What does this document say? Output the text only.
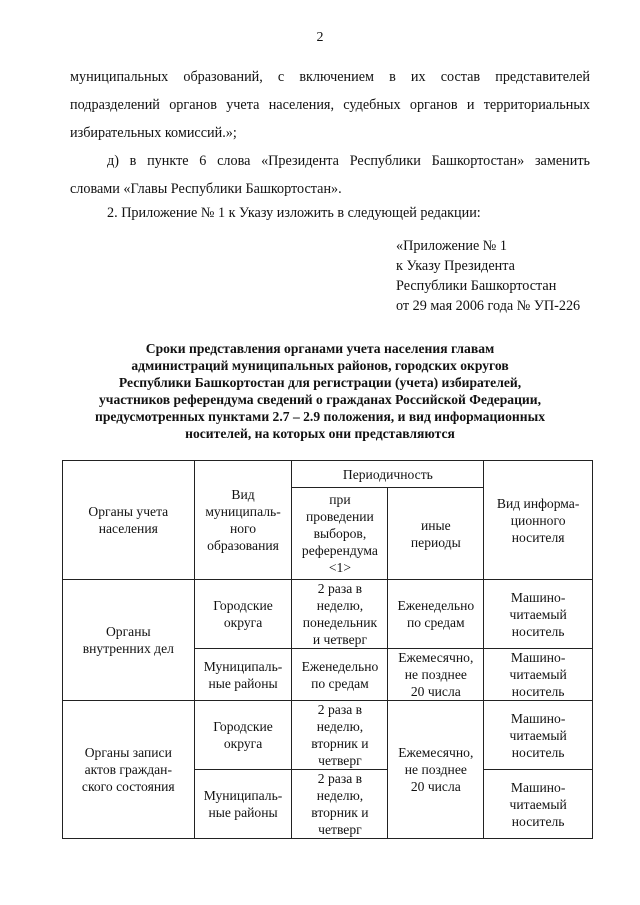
2

муниципальных образований, с включением в их состав представителей

подразделений органов учета населения, судебных органов и территориальных

избирательных комиссий.»;

д) в пункте 6 слова «Президента Республики Башкортостан» заменить

словами «Главы Республики Башкортостан».

2. Приложение № 1 к Указу изложить в следующей редакции:

«Приложение № 1
к Указу Президента
Республики Башкортостан
от 29 мая 2006 года № УП-226
Сроки представления органами учета населения главам
администраций муниципальных районов, городских округов
Республики Башкортостан для регистрации (учета) избирателей,
участников референдума сведений о гражданах Российской Федерации,
предусмотренных пунктами 2.7 – 2.9 положения, и вид информационных
носителей, на которых они представляются
Органы учета
населения	Вид
муниципаль-
ного
образования	Периодичность		Вид информа-
ционного
носителя
		при
проведении
выборов,
референдума
<1>	иные
периоды	
Органы
внутренних дел	Городские
округа	2 раза в
неделю,
понедельник
и четверг	Еженедельно
по средам	Машино-
читаемый
носитель
	Муниципаль-
ные районы	Еженедельно
по средам	Ежемесячно,
не позднее
20 числа	Машино-
читаемый
носитель
Органы записи
актов граждан-
ского состояния	Городские
округа	2 раза в
неделю,
вторник и
четверг	Ежемесячно,
не позднее
20 числа	Машино-
читаемый
носитель
	Муниципаль-
ные районы	2 раза в
неделю,
вторник и
четверг		Машино-
читаемый
носитель
